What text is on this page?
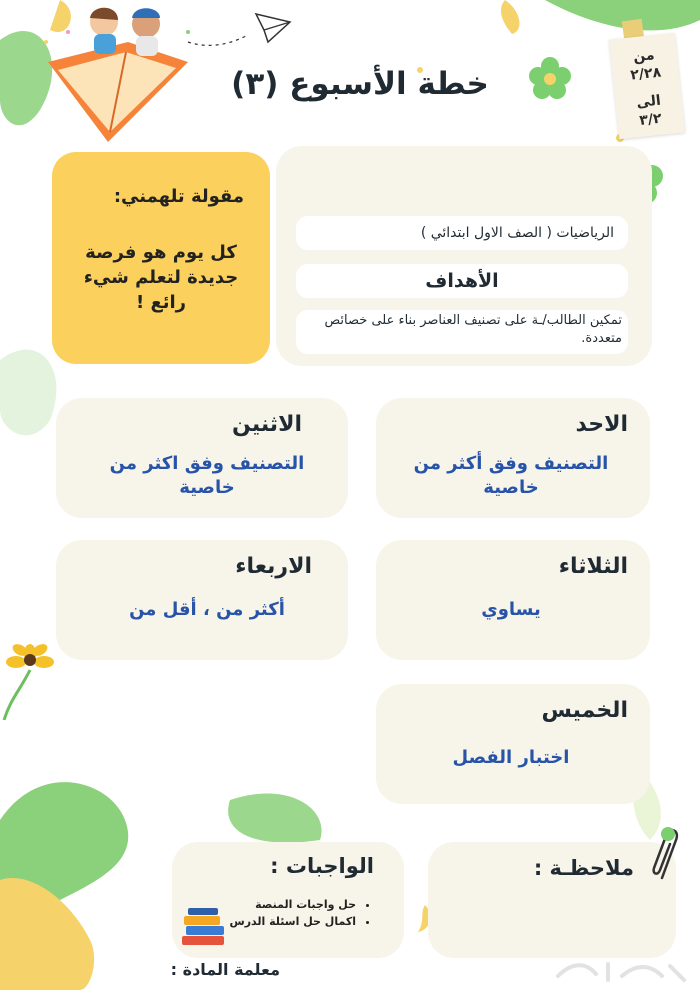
خطة الأسبوع (٣)
من
٢/٢٨
الى
٣/٢
مقولة تلهمني:
كل يوم هو فرصة جديدة لتعلم شيء رائع !
الرياضيات ( الصف الاول ابتدائي )
الأهداف
تمكين الطالب/ـة على تصنيف العناصر بناء على خصائص متعددة.
الاحد
التصنيف وفق أكثر من خاصية
الاثنين
التصنيف وفق اكثر من خاصية
الثلاثاء
يساوي
الاربعاء
أكثر من ، أقل من
الخميس
اختبار الفصل
ملاحظـة :
الواجبات :
• حل واجبات المنصة
• اكمال حل اسئلة الدرس
معلمة المادة :
